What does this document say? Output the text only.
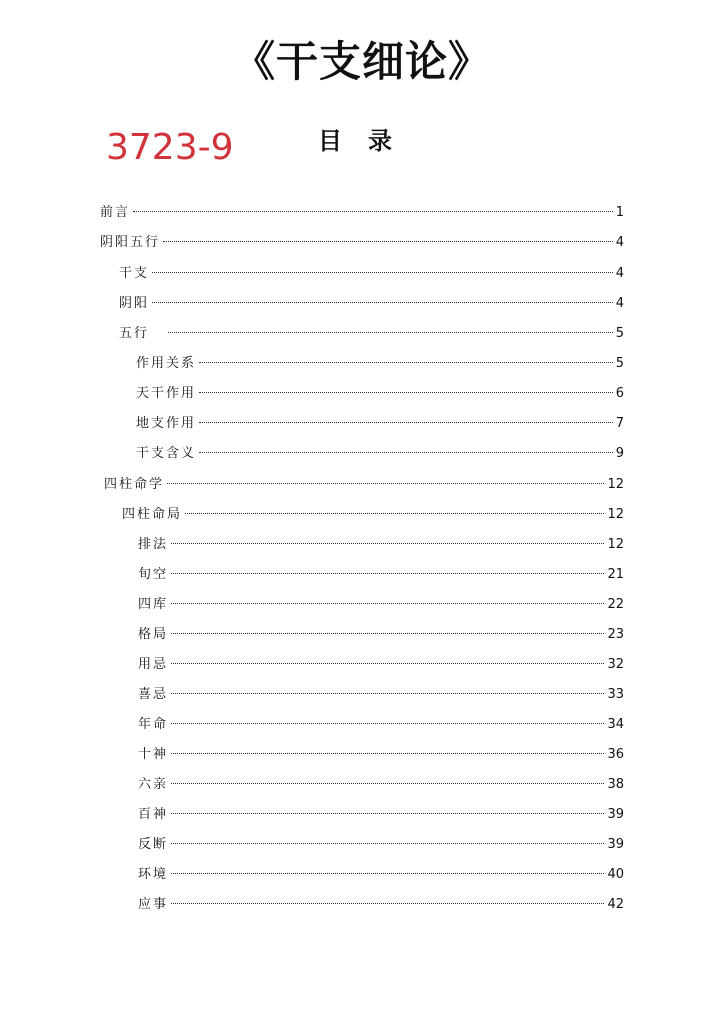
《干支细论》
3723-9	目录
前言	1
阴阳五行	4
干支	4
阴阳	4
五行	5
作用关系	5
天干作用	6
地支作用	7
干支含义	9
四柱命学	12
四柱命局	12
排法	12
旬空	21
四库	22
格局	23
用忌	32
喜忌	33
年命	34
十神	36
六亲	38
百神	39
反断	39
环境	40
应事	42
